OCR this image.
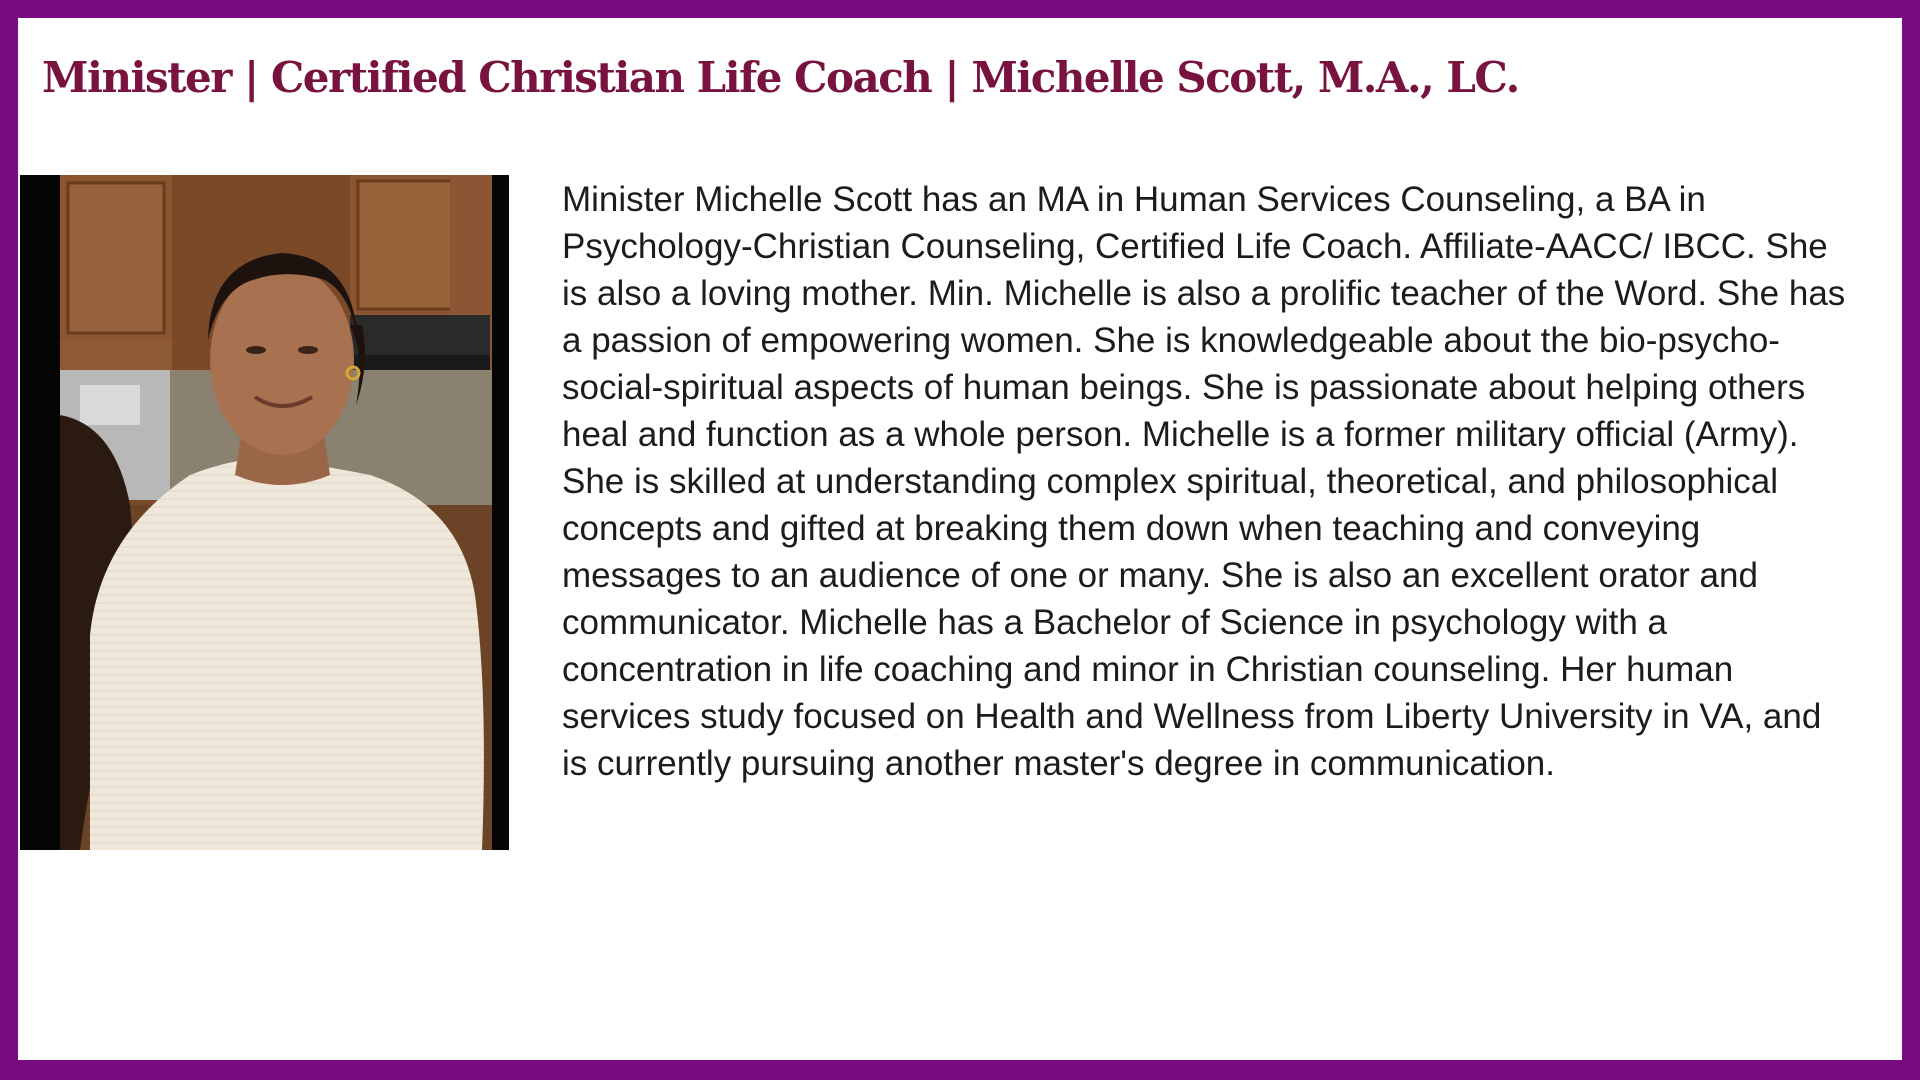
Minister | Certified Christian Life Coach | Michelle Scott, M.A., LC.

Minister Michelle Scott has an MA in Human Services Counseling, a BA in Psychology-Christian Counseling, Certified Life Coach. Affiliate-AACC/ IBCC. She is also a loving mother. Min. Michelle is also a prolific teacher of the Word. She has a passion of empowering women. She is knowledgeable about the bio-psycho-social-spiritual aspects of human beings. She is passionate about helping others heal and function as a whole person. Michelle is a former military official (Army). She is skilled at understanding complex spiritual, theoretical, and philosophical concepts and gifted at breaking them down when teaching and conveying messages to an audience of one or many. She is also an excellent orator and communicator. Michelle has a Bachelor of Science in psychology with a concentration in life coaching and minor in Christian counseling. Her human services study focused on Health and Wellness from Liberty University in VA, and is currently pursuing another master's degree in communication.
